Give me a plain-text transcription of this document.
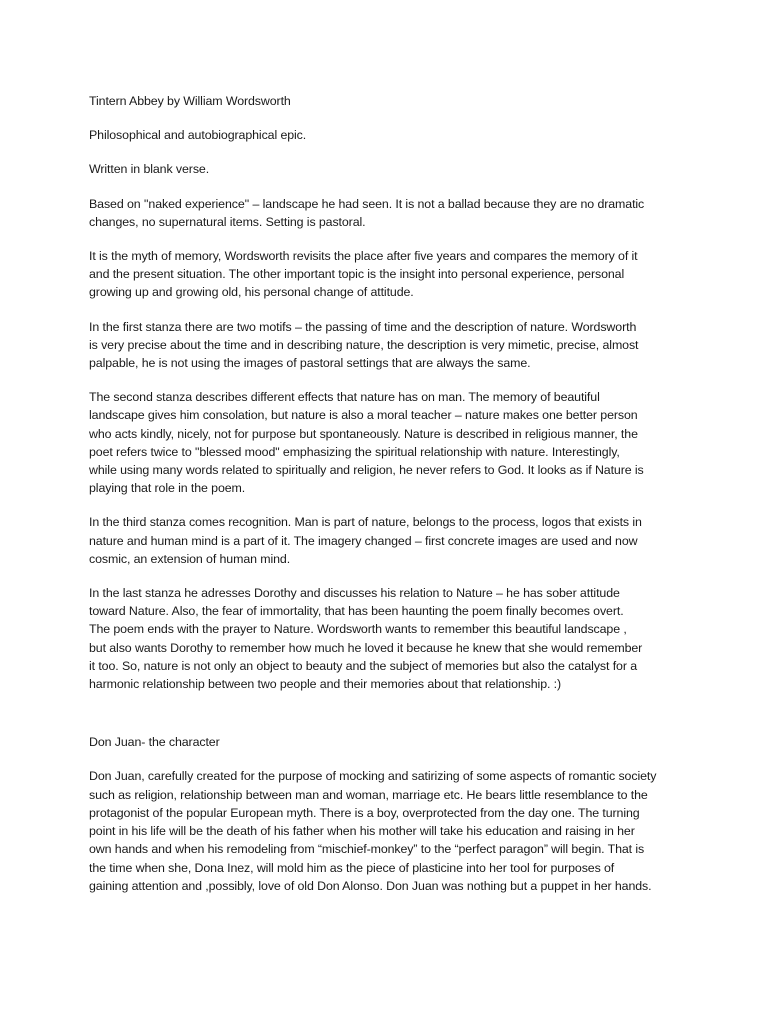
Tintern Abbey by William Wordsworth

Philosophical and autobiographical epic.

Written in blank verse.

Based on ''naked experience'' – landscape he had seen. It is not a ballad because they are no dramatic
changes, no supernatural items. Setting is pastoral.

It is the myth of memory, Wordsworth revisits the place after five years and compares the memory of it
and the present situation. The other important topic is the insight into personal experience, personal
growing up and growing old, his personal change of attitude.

In the first stanza there are two motifs – the passing of time and the description of nature. Wordsworth
is very precise about the time and in describing nature, the description is very mimetic, precise, almost
palpable, he is not using the images of pastoral settings that are always the same.

The second stanza describes different effects that nature has on man. The memory of beautiful
landscape gives him consolation, but nature is also a moral teacher – nature makes one better person
who acts kindly, nicely, not for purpose but spontaneously. Nature is described in religious manner, the
poet refers twice to "blessed mood" emphasizing the spiritual relationship with nature. Interestingly,
while using many words related to spiritually and religion, he never refers to God. It looks as if Nature is
playing that role in the poem.

In the third stanza comes recognition. Man is part of nature, belongs to the process, logos that exists in
nature and human mind is a part of it. The imagery changed – first concrete images are used and now
cosmic, an extension of human mind.

In the last stanza he adresses Dorothy and discusses his relation to Nature – he has sober attitude
toward Nature. Also, the fear of immortality, that has been haunting the poem finally becomes overt.
The poem ends with the prayer to Nature. Wordsworth wants to remember this beautiful landscape ,
but also wants Dorothy to remember how much he loved it because he knew that she would remember
it too. So, nature is not only an object to beauty and the subject of memories but also the catalyst for a
harmonic relationship between two people and their memories about that relationship. :)

Don Juan- the character

Don Juan, carefully created for the purpose of mocking and satirizing of some aspects of romantic society
such as religion, relationship between man and woman, marriage etc. He bears little resemblance to the
protagonist of the popular European myth. There is a boy, overprotected from the day one. The turning
point in his life will be the death of his father when his mother will take his education and raising in her
own hands and when his remodeling from “mischief-monkey” to the “perfect paragon” will begin. That is
the time when she, Dona Inez, will mold him as the piece of plasticine into her tool for purposes of
gaining attention and ,possibly, love of old Don Alonso. Don Juan was nothing but a puppet in her hands.
